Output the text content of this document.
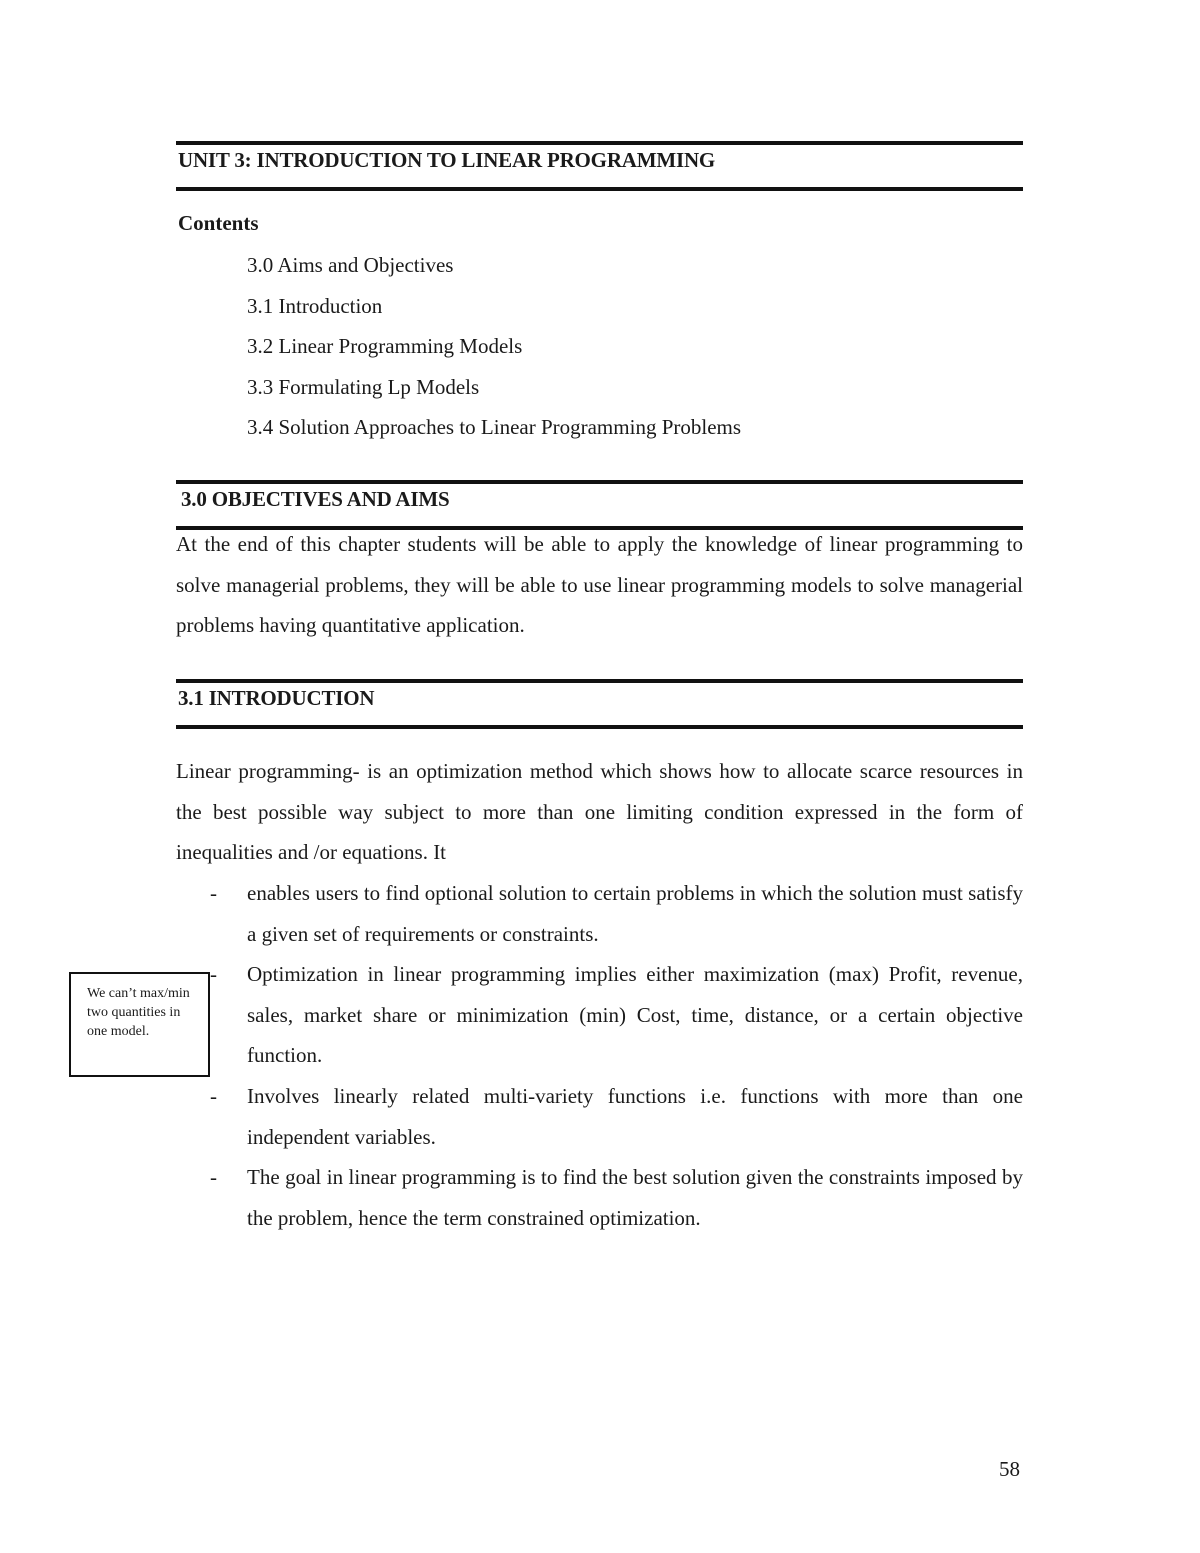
UNIT 3: INTRODUCTION TO LINEAR PROGRAMMING
Contents
3.0 Aims and Objectives
3.1 Introduction
3.2 Linear Programming Models
3.3 Formulating Lp Models
3.4 Solution Approaches to Linear Programming Problems
3.0 OBJECTIVES AND AIMS

At the end of this chapter students will be able to apply the knowledge of linear programming to solve managerial problems, they will be able to use linear programming models to solve managerial problems having quantitative application.

3.1 INTRODUCTION

Linear programming- is an optimization method which shows how to allocate scarce resources in the best possible way subject to more than one limiting condition expressed in the form of inequalities and /or equations. It

- enables users to find optional solution to certain problems in which the solution must satisfy a given set of requirements or constraints.
- Optimization in linear programming implies either maximization (max) Profit, revenue, sales, market share or minimization (min) Cost, time, distance, or a certain objective function.
- Involves linearly related multi-variety functions i.e. functions with more than one independent variables.
- The goal in linear programming is to find the best solution given the constraints imposed by the problem, hence the term constrained optimization.
We can’t max/min two quantities in one model.
58
